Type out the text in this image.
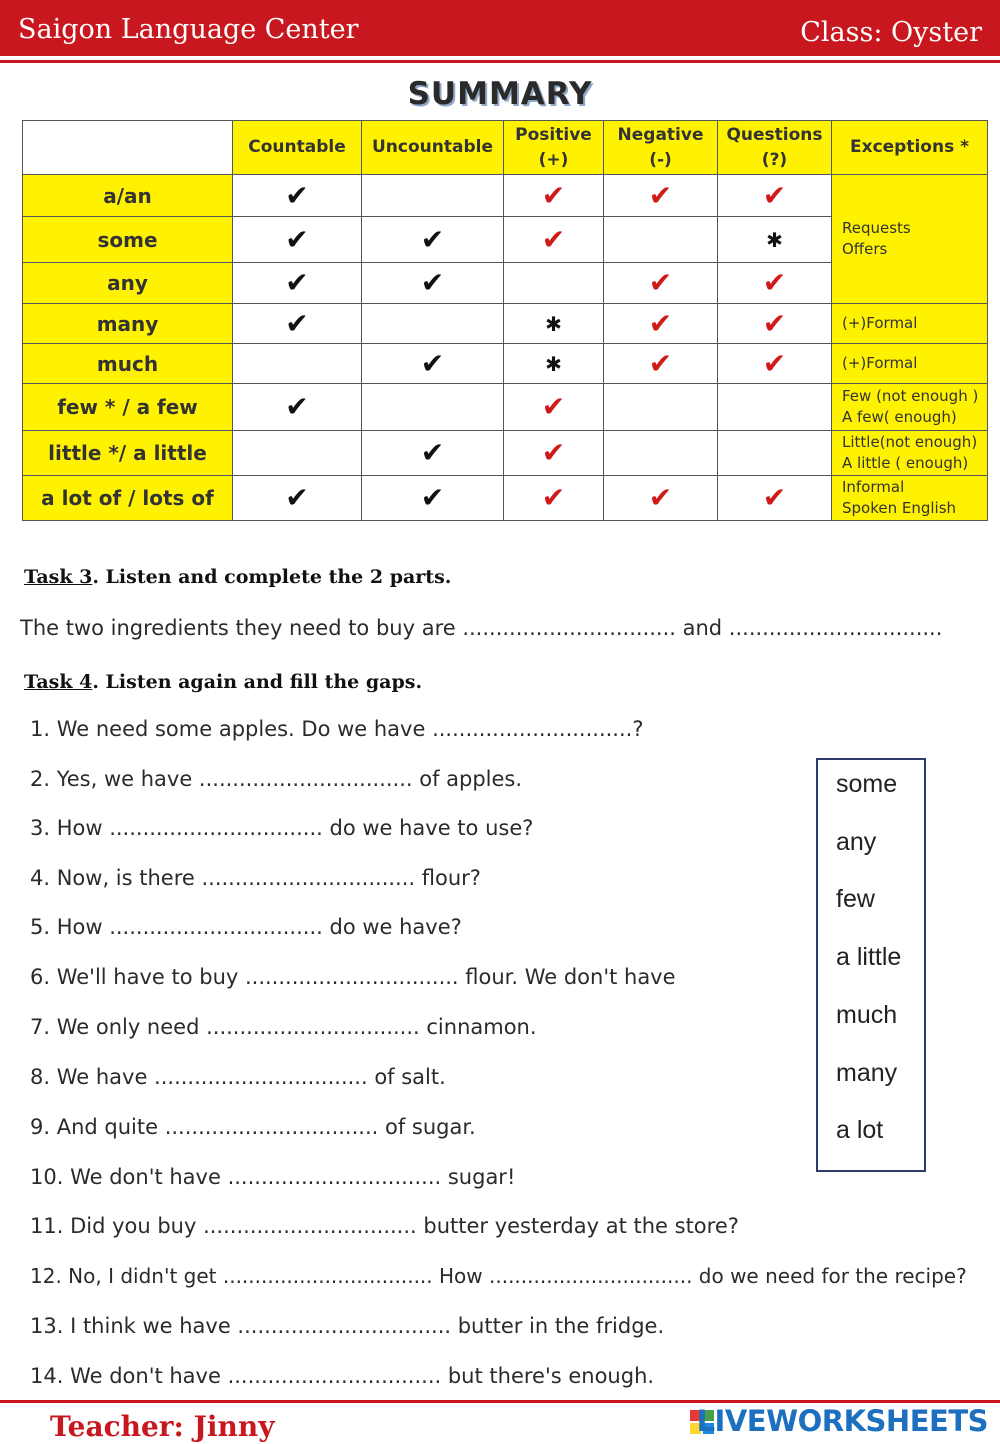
Saigon Language Center	Class: Oyster
SUMMARY
	Countable	Uncountable	Positive (+)	Negative (-)	Questions (?)	Exceptions *
a/an	✔		✔	✔	✔	Requests
Offers

some	✔	✔	✔		✱	
any	✔	✔		✔	✔	
many	✔		✱	✔	✔	(+)Formal
much		✔	✱	✔	✔	(+)Formal
few * / a few	✔		✔			Few (not enough )
A few( enough)

little */ a little		✔	✔			Little(not enough)
A little ( enough)

a lot of / lots of	✔	✔	✔	✔	✔	Informal
Spoken English
Task 3. Listen and complete the 2 parts.
The two ingredients they need to buy are ................................ and ................................
Task 4. Listen again and fill the gaps.
1. We need some apples. Do we have ..............................?
2. Yes, we have ................................ of apples.
3. How ................................ do we have to use?
4. Now, is there ................................ flour?
5. How ................................ do we have?
6. We'll have to buy ................................ flour. We don't have
7. We only need ................................ cinnamon.
8. We have ................................ of salt.
9. And quite ................................ of sugar.
10. We don't have ................................ sugar!
11. Did you buy ................................ butter yesterday at the store?
12. No, I didn't get ................................. How ................................ do we need for the recipe?
13. I think we have ................................ butter in the fridge.
14. We don't have ................................ but there's enough.
some
any
few
a little
much
many
a lot
Teacher: Jinny	LIVEWORKSHEETS
